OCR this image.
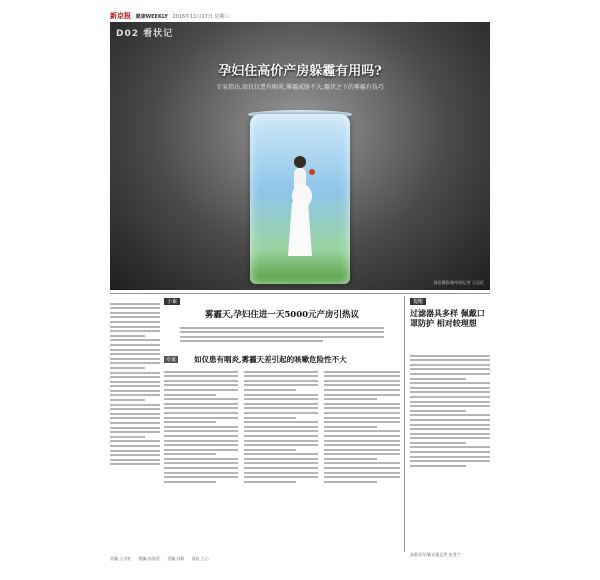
新京报 健康WEEKLY 2016年11月17日 星期三
D02 看状记
孕妇住高价产房躲霾有用吗?
专家指出,如仅仅患有咽炎,雾霾威胁不大,霾伏之下的雾霾有技巧
创意摄影/新华图记者 王远征
小案
雾霾天,孕妇住进一天5000元产房引热议
专家	如仅患有咽炎,雾霾天差引起的咳嗽危险性不大
提醒
过滤器具多样 佩戴口罩防护 相对较理想
本版采写/新京报记者 张秀兰
首编 王书社 指编 孙海莹 美编 苏辉 质检 王心
